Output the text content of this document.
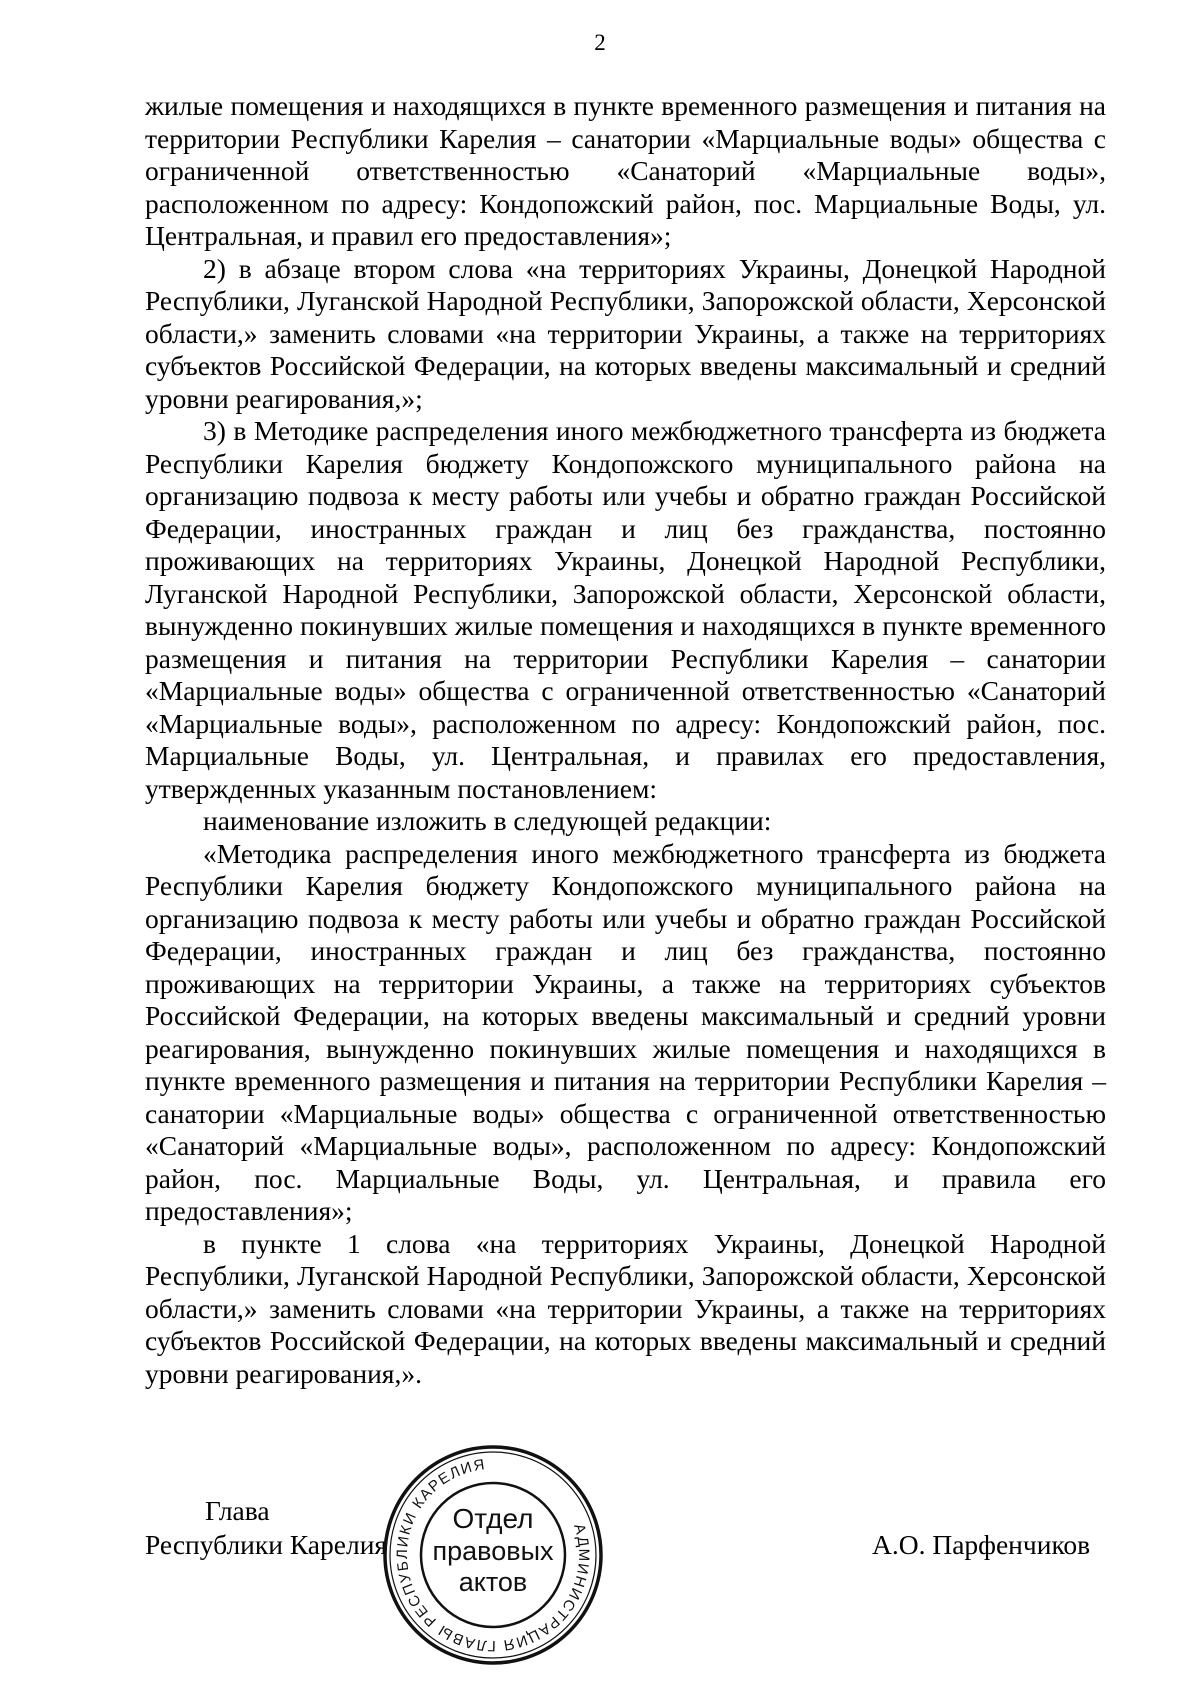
2

жилые помещения и находящихся в пункте временного размещения и питания на территории Республики Карелия – санатории «Марциальные воды» общества с ограниченной ответственностью «Санаторий «Марциальные воды», расположенном по адресу: Кондопожский район, пос. Марциальные Воды, ул. Центральная, и правил его предоставления»;

2) в абзаце втором слова «на территориях Украины, Донецкой Народной Республики, Луганской Народной Республики, Запорожской области, Херсонской области,» заменить словами «на территории Украины, а также на территориях субъектов Российской Федерации, на которых введены максимальный и средний уровни реагирования,»;

3) в Методике распределения иного межбюджетного трансферта из бюджета Республики Карелия бюджету Кондопожского муниципального района на организацию подвоза к месту работы или учебы и обратно граждан Российской Федерации, иностранных граждан и лиц без гражданства, постоянно проживающих на территориях Украины, Донецкой Народной Республики, Луганской Народной Республики, Запорожской области, Херсонской области, вынужденно покинувших жилые помещения и находящихся в пункте временного размещения и питания на территории Республики Карелия – санатории «Марциальные воды» общества с ограниченной ответственностью «Санаторий «Марциальные воды», расположенном по адресу: Кондопожский район, пос. Марциальные Воды, ул. Центральная, и правилах его предоставления, утвержденных указанным постановлением:

наименование изложить в следующей редакции:

«Методика распределения иного межбюджетного трансферта из бюджета Республики Карелия бюджету Кондопожского муниципального района на организацию подвоза к месту работы или учебы и обратно граждан Российской Федерации, иностранных граждан и лиц без гражданства, постоянно проживающих на территории Украины, а также на территориях субъектов Российской Федерации, на которых введены максимальный и средний уровни реагирования, вынужденно покинувших жилые помещения и находящихся в пункте временного размещения и питания на территории Республики Карелия – санатории «Марциальные воды» общества с ограниченной ответственностью «Санаторий «Марциальные воды», расположенном по адресу: Кондопожский район, пос. Марциальные Воды, ул. Центральная, и правила его предоставления»;

в пункте 1 слова «на территориях Украины, Донецкой Народной Республики, Луганской Народной Республики, Запорожской области, Херсонской области,» заменить словами «на территории Украины, а также на территориях субъектов Российской Федерации, на которых введены максимальный и средний уровни реагирования,».

Глава
Республики Карелия	А.О. Парфенчиков
АДМИНИСТРАЦИЯ ГЛАВЫ РЕСПУБЛИКИ КАРЕЛИЯ
Отдел
правовых
актов
